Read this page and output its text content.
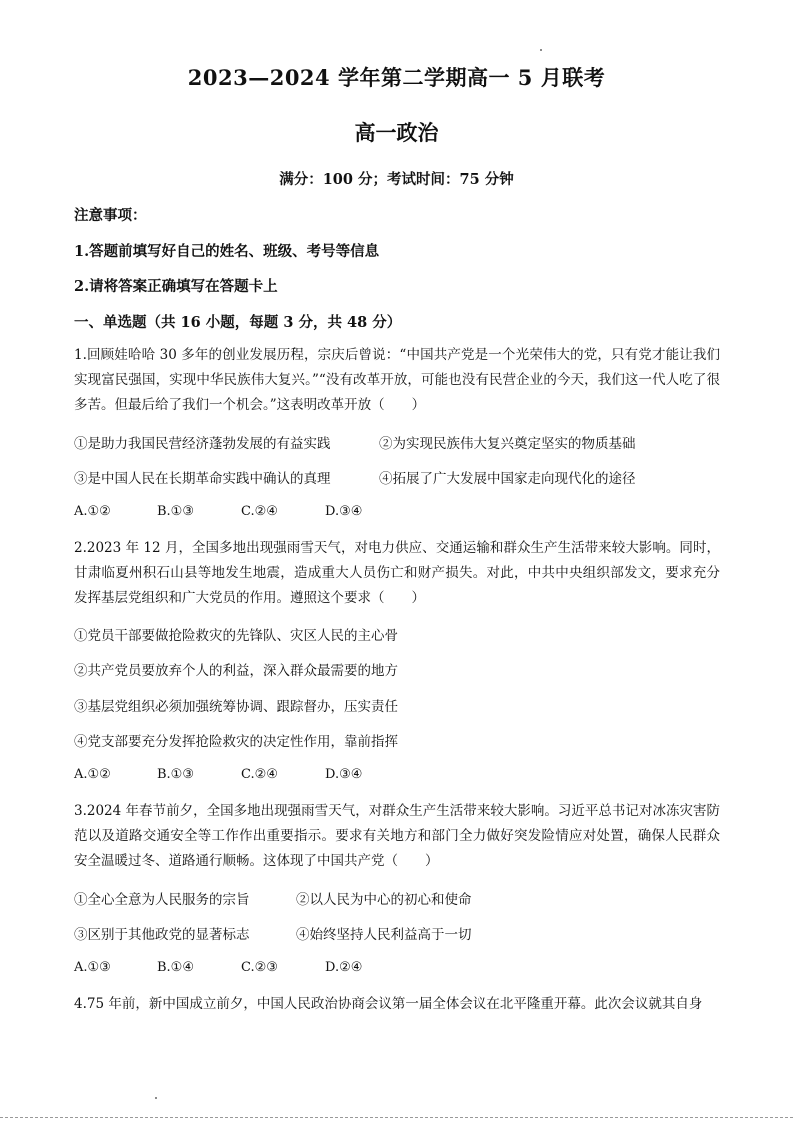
2023—2024 学年第二学期高一 5 月联考
高一政治
满分：100 分；考试时间：75 分钟
注意事项：
1.答题前填写好自己的姓名、班级、考号等信息
2.请将答案正确填写在答题卡上
一、单选题（共 16 小题，每题 3 分，共 48 分）
1.回顾娃哈哈 30 多年的创业发展历程，宗庆后曾说：“中国共产党是一个光荣伟大的党，只有党才能让我们实现富民强国，实现中华民族伟大复兴。”“没有改革开放，可能也没有民营企业的今天，我们这一代人吃了很多苦。但最后给了我们一个机会。”这表明改革开放（　　）
①是助力我国民营经济蓬勃发展的有益实践	②为实现民族伟大复兴奠定坚实的物质基础
③是中国人民在长期革命实践中确认的真理	④拓展了广大发展中国家走向现代化的途径
A.①②	B.①③	C.②④	D.③④
2.2023 年 12 月，全国多地出现强雨雪天气，对电力供应、交通运输和群众生产生活带来较大影响。同时，甘肃临夏州积石山县等地发生地震，造成重大人员伤亡和财产损失。对此，中共中央组织部发文，要求充分发挥基层党组织和广大党员的作用。遵照这个要求（　　）
①党员干部要做抢险救灾的先锋队、灾区人民的主心骨
②共产党员要放弃个人的利益，深入群众最需要的地方
③基层党组织必须加强统筹协调、跟踪督办，压实责任
④党支部要充分发挥抢险救灾的决定性作用，靠前指挥
A.①②	B.①③	C.②④	D.③④
3.2024 年春节前夕，全国多地出现强雨雪天气，对群众生产生活带来较大影响。习近平总书记对冰冻灾害防范以及道路交通安全等工作作出重要指示。要求有关地方和部门全力做好突发险情应对处置，确保人民群众安全温暖过冬、道路通行顺畅。这体现了中国共产党（　　）
①全心全意为人民服务的宗旨	②以人民为中心的初心和使命
③区别于其他政党的显著标志	④始终坚持人民利益高于一切
A.①③	B.①④	C.②③	D.②④
4.75 年前，新中国成立前夕，中国人民政治协商会议第一届全体会议在北平隆重开幕。此次会议就其自身
